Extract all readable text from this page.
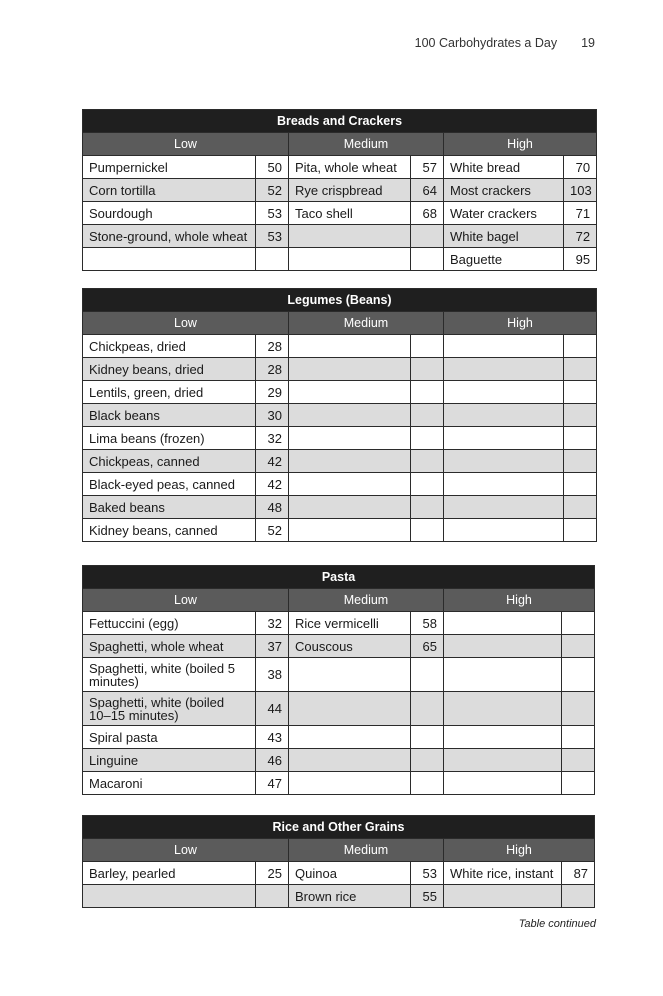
100 Carbohydrates a Day 19
Breads and Crackers					
Low		Medium		High	
Pumpernickel	50	Pita, whole wheat	57	White bread	70
Corn tortilla	52	Rye crispbread	64	Most crackers	103
Sourdough	53	Taco shell	68	Water crackers	71
Stone-ground, whole wheat	53			White bagel	72
				Baguette	95
Legumes (Beans)					
Low		Medium		High	
Chickpeas, dried	28				
Kidney beans, dried	28				
Lentils, green, dried	29				
Black beans	30				
Lima beans (frozen)	32				
Chickpeas, canned	42				
Black-eyed peas, canned	42				
Baked beans	48				
Kidney beans, canned	52				
Pasta					
Low		Medium		High	
Fettuccini (egg)	32	Rice vermicelli	58		
Spaghetti, whole wheat	37	Couscous	65		
Spaghetti, white (boiled 5 minutes)	38				
Spaghetti, white (boiled 10–15 minutes)	44				
Spiral pasta	43				
Linguine	46				
Macaroni	47				
Rice and Other Grains					
Low		Medium		High	
Barley, pearled	25	Quinoa	53	White rice, instant	87
		Brown rice	55		
Table continued
